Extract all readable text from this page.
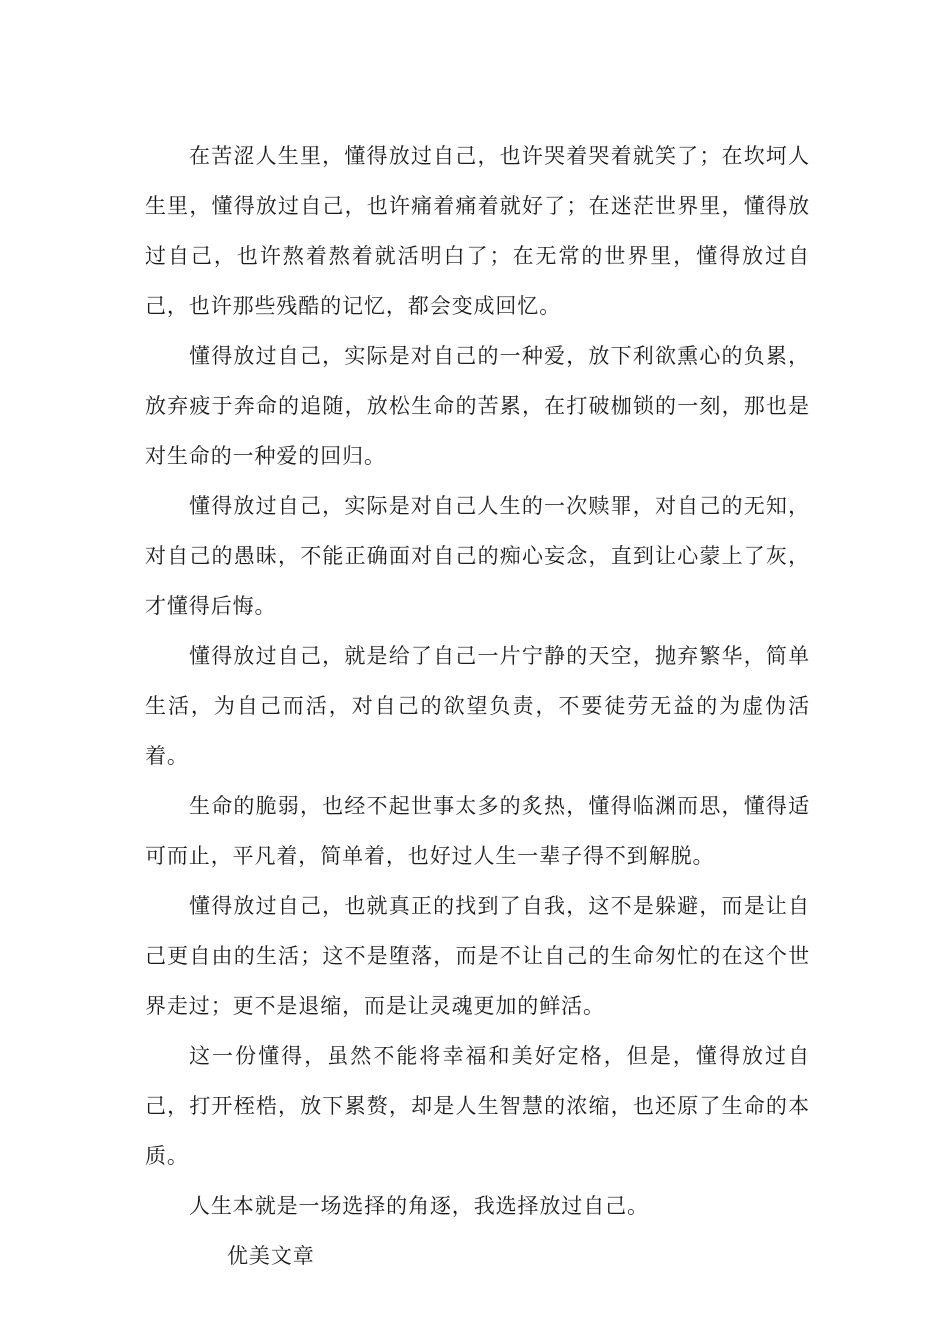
在苦涩人生里，懂得放过自己，也许哭着哭着就笑了；在坎坷人生里，懂得放过自己，也许痛着痛着就好了；在迷茫世界里，懂得放过自己，也许熬着熬着就活明白了；在无常的世界里，懂得放过自己，也许那些残酷的记忆，都会变成回忆。

懂得放过自己，实际是对自己的一种爱，放下利欲熏心的负累，放弃疲于奔命的追随，放松生命的苦累，在打破枷锁的一刻，那也是对生命的一种爱的回归。

懂得放过自己，实际是对自己人生的一次赎罪，对自己的无知，对自己的愚昧，不能正确面对自己的痴心妄念，直到让心蒙上了灰，才懂得后悔。

懂得放过自己，就是给了自己一片宁静的天空，抛弃繁华，简单生活，为自己而活，对自己的欲望负责，不要徒劳无益的为虚伪活着。

生命的脆弱，也经不起世事太多的炙热，懂得临渊而思，懂得适可而止，平凡着，简单着，也好过人生一辈子得不到解脱。

懂得放过自己，也就真正的找到了自我，这不是躲避，而是让自己更自由的生活；这不是堕落，而是不让自己的生命匆忙的在这个世界走过；更不是退缩，而是让灵魂更加的鲜活。

这一份懂得，虽然不能将幸福和美好定格，但是，懂得放过自己，打开桎梏，放下累赘，却是人生智慧的浓缩，也还原了生命的本质。

人生本就是一场选择的角逐，我选择放过自己。优美文章
